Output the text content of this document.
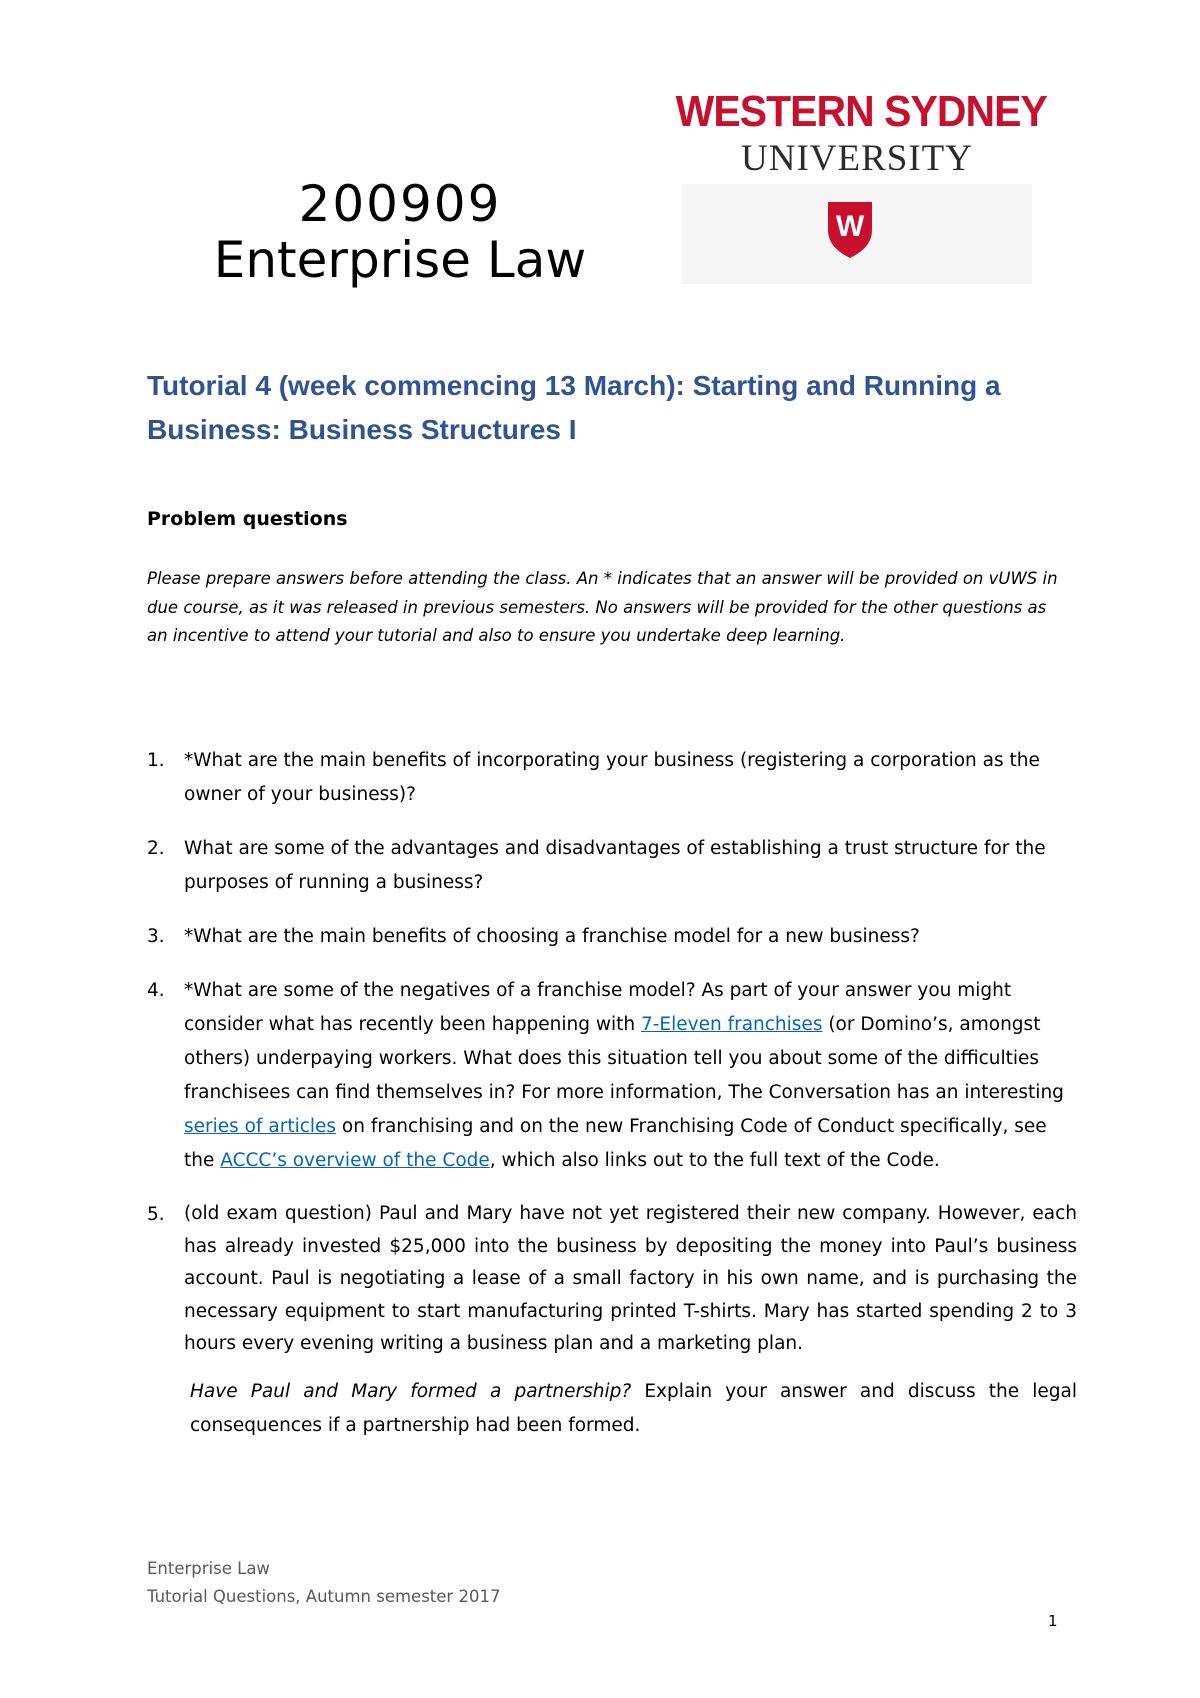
200909
Enterprise Law
WESTERN SYDNEY
UNIVERSITY
W
Tutorial 4 (week commencing 13 March): Starting and Running a Business: Business Structures I
Problem questions

Please prepare answers before attending the class. An * indicates that an answer will be provided on vUWS in due course, as it was released in previous semesters. No answers will be provided for the other questions as an incentive to attend your tutorial and also to ensure you undertake deep learning.

1. *What are the main benefits of incorporating your business (registering a corporation as the owner of your business)?
2. What are some of the advantages and disadvantages of establishing a trust structure for the purposes of running a business?
3. *What are the main benefits of choosing a franchise model for a new business?
4. *What are some of the negatives of a franchise model? As part of your answer you might consider what has recently been happening with 7-Eleven franchises (or Domino’s, amongst others) underpaying workers. What does this situation tell you about some of the difficulties franchisees can find themselves in? For more information, The Conversation has an interesting series of articles on franchising and on the new Franchising Code of Conduct specifically, see the ACCC’s overview of the Code, which also links out to the full text of the Code.
5. (old exam question) Paul and Mary have not yet registered their new company. However, each has already invested $25,000 into the business by depositing the money into Paul’s business account. Paul is negotiating a lease of a small factory in his own name, and is purchasing the necessary equipment to start manufacturing printed T-shirts. Mary has started spending 2 to 3 hours every evening writing a business plan and a marketing plan.
Have Paul and Mary formed a partnership? Explain your answer and discuss the legal consequences if a partnership had been formed.
Enterprise Law
Tutorial Questions, Autumn semester 2017
1
